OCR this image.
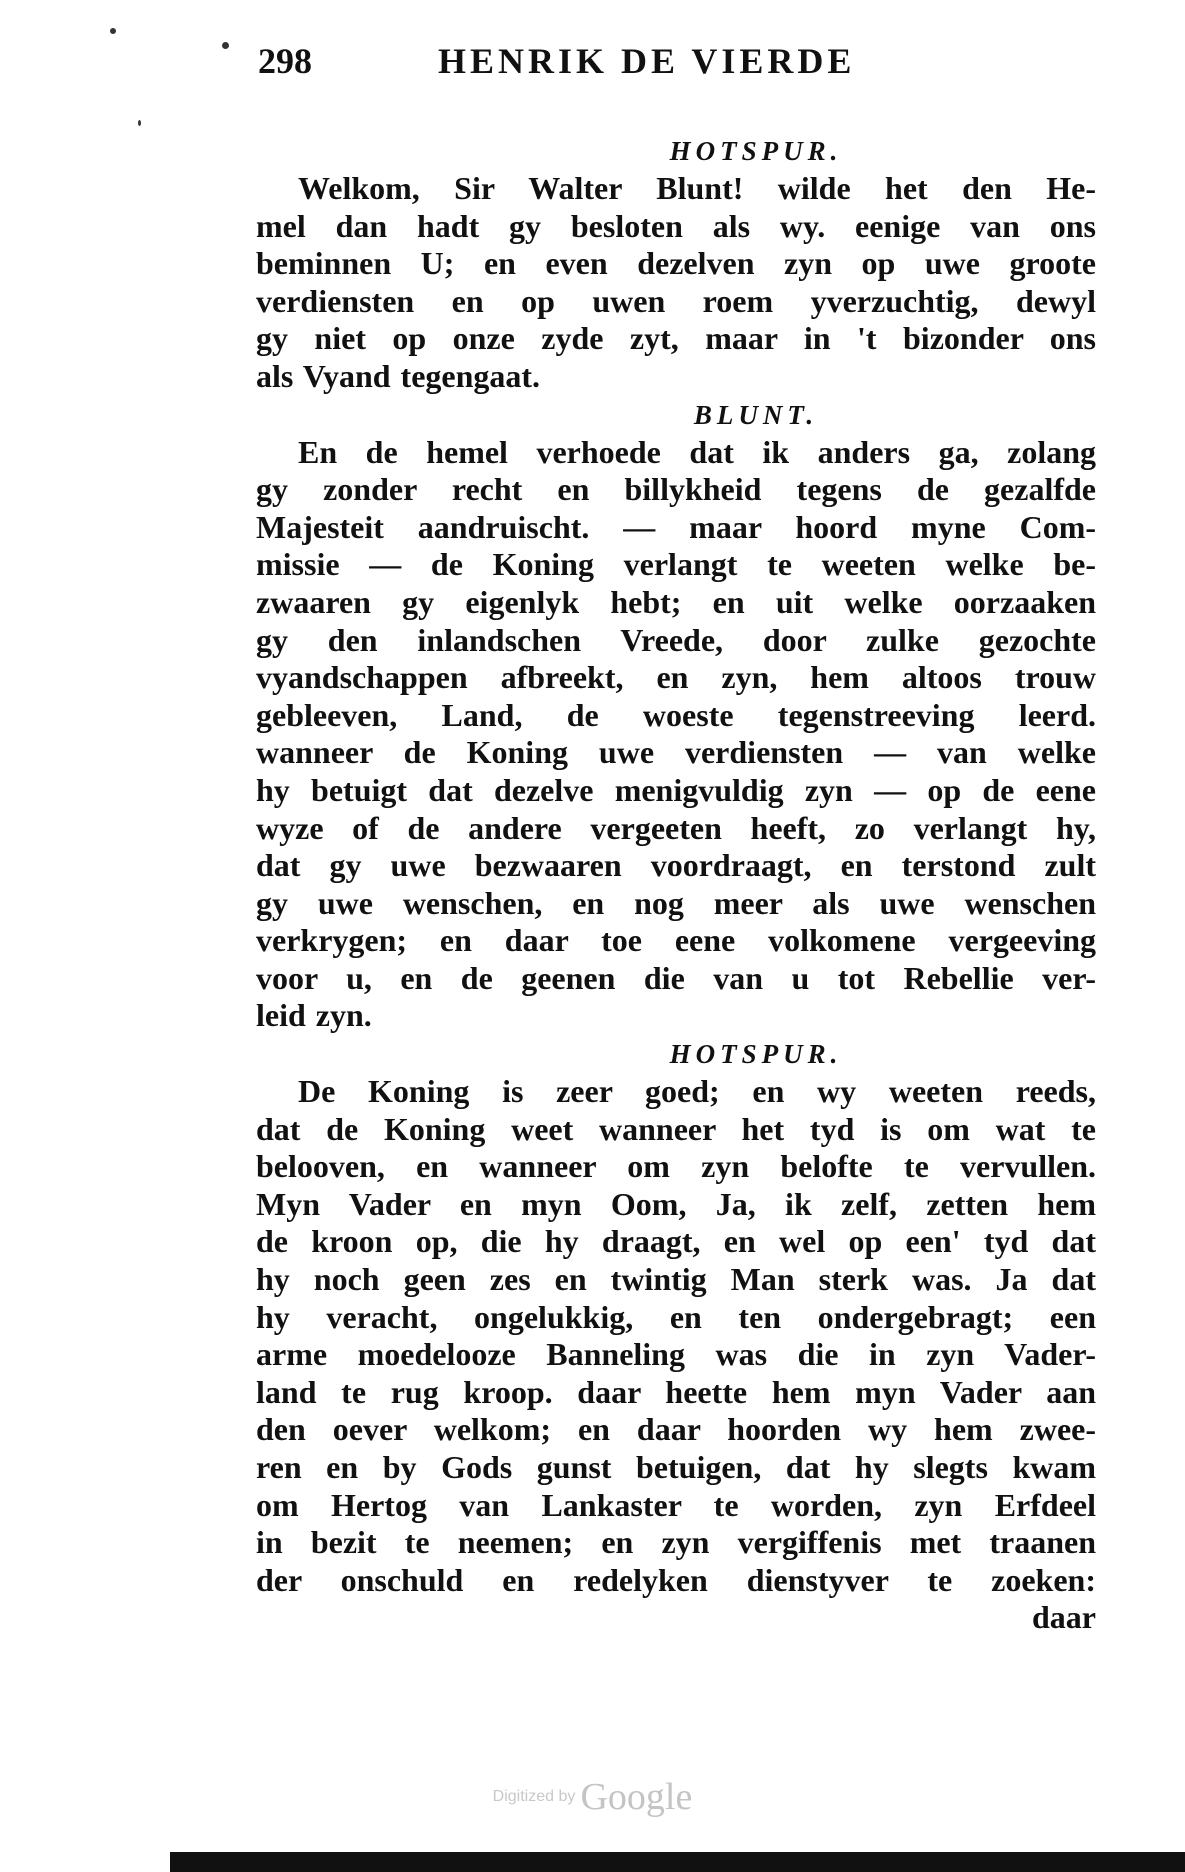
298	HENRIK DE VIERDE
HOTSPUR.
Welkom, Sir Walter Blunt! wilde het den He-
mel dan hadt gy besloten als wy. eenige van ons
beminnen U; en even dezelven zyn op uwe groote
verdiensten en op uwen roem yverzuchtig, dewyl
gy niet op onze zyde zyt, maar in 't bizonder ons
als Vyand tegengaat.
BLUNT.
En de hemel verhoede dat ik anders ga, zolang
gy zonder recht en billykheid tegens de gezalfde
Majesteit aandruischt. — maar hoord myne Com-
missie — de Koning verlangt te weeten welke be-
zwaaren gy eigenlyk hebt; en uit welke oorzaaken
gy den inlandschen Vreede, door zulke gezochte
vyandschappen afbreekt, en zyn, hem altoos trouw
gebleeven, Land, de woeste tegenstreeving leerd.
wanneer de Koning uwe verdiensten — van welke
hy betuigt dat dezelve menigvuldig zyn — op de eene
wyze of de andere vergeeten heeft, zo verlangt hy,
dat gy uwe bezwaaren voordraagt, en terstond zult
gy uwe wenschen, en nog meer als uwe wenschen
verkrygen; en daar toe eene volkomene vergeeving
voor u, en de geenen die van u tot Rebellie ver-
leid zyn.
HOTSPUR.
De Koning is zeer goed; en wy weeten reeds,
dat de Koning weet wanneer het tyd is om wat te
belooven, en wanneer om zyn belofte te vervullen.
Myn Vader en myn Oom, Ja, ik zelf, zetten hem
de kroon op, die hy draagt, en wel op een' tyd dat
hy noch geen zes en twintig Man sterk was. Ja dat
hy veracht, ongelukkig, en ten ondergebragt; een
arme moedelooze Banneling was die in zyn Vader-
land te rug kroop. daar heette hem myn Vader aan
den oever welkom; en daar hoorden wy hem zwee-
ren en by Gods gunst betuigen, dat hy slegts kwam
om Hertog van Lankaster te worden, zyn Erfdeel
in bezit te neemen; en zyn vergiffenis met traanen
der onschuld en redelyken dienstyver te zoeken:
daar
Digitized by Google
